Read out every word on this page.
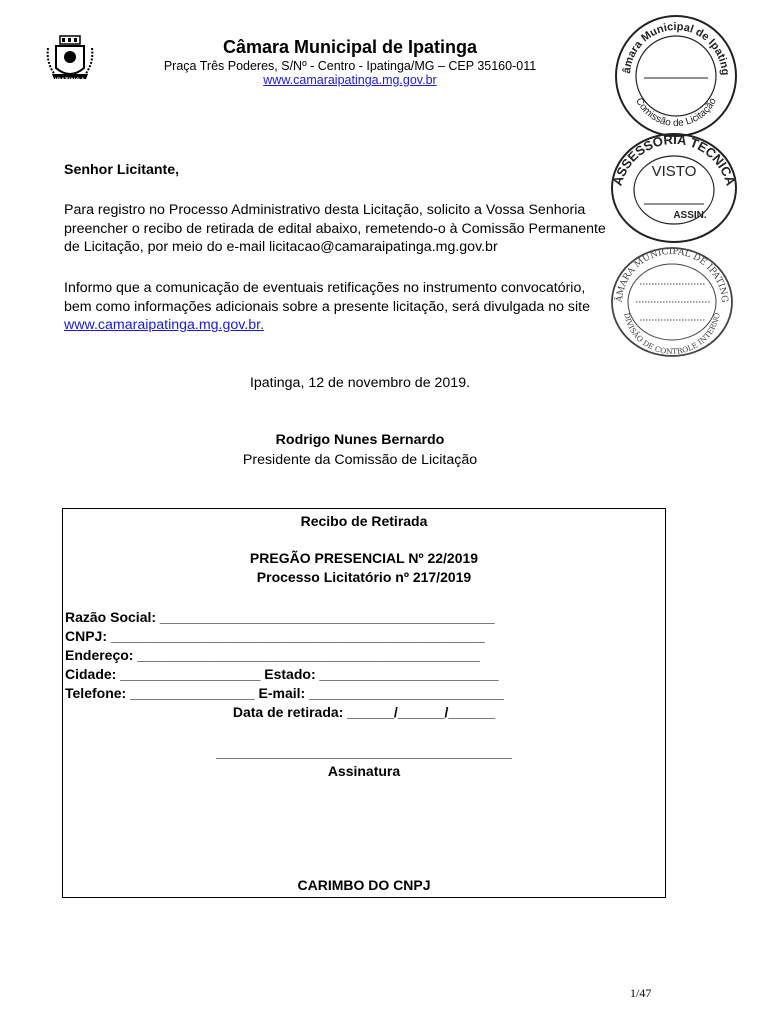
IPATINGA
Câmara Municipal de Ipatinga
Praça Três Poderes, S/Nº - Centro - Ipatinga/MG – CEP 35160-011
www.camaraipatinga.mg.gov.br
âmara Municipal de Ipating
Comissão de Licitação
ASSESSORIA TÉCNICA
VISTO
ASSIN.
ÂMARA MUNICIPAL DE IPATING
DIVISÃO DE CONTROLE INTERNO
Senhor Licitante,
Para registro no Processo Administrativo desta Licitação, solicito a Vossa Senhoria
preencher o recibo de retirada de edital abaixo, remetendo-o à Comissão Permanente
de Licitação, por meio do e-mail licitacao@camaraipatinga.mg.gov.br
Informo que a comunicação de eventuais retificações no instrumento convocatório,
bem como informações adicionais sobre a presente licitação, será divulgada no site
www.camaraipatinga.mg.gov.br.
Ipatinga, 12 de novembro de 2019.
Rodrigo Nunes Bernardo
Presidente da Comissão de Licitação
Recibo de Retirada
PREGÃO PRESENCIAL Nº 22/2019
Processo Licitatório nº 217/2019
Razão Social: ___________________________________________
CNPJ: ________________________________________________
Endereço: ____________________________________________
Cidade: __________________ Estado: _______________________
Telefone: ________________ E-mail: _________________________
Data de retirada: ______/______/______
______________________________________
Assinatura
CARIMBO DO CNPJ
1/47
